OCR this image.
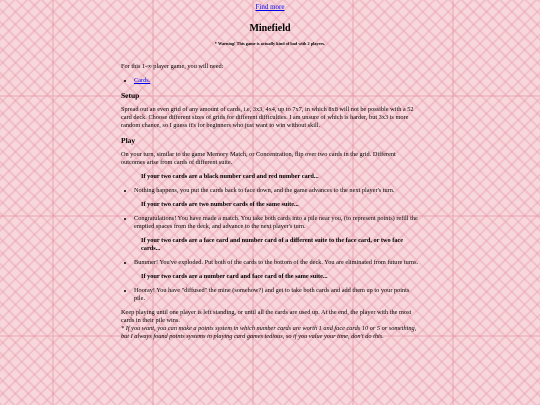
Find more
Minefield
* Warning! This game is actually kind of bad with 2 players.

For this 1-∞ player game, you will need:

• Cards.
Setup

Spread out an even grid of any amount of cards, i.e, 3x3, 4x4, up to 7x7, in which 8x8 will not be possible with a 52 card deck. Choose different sizes of grids for different difficulties. I am unsure of which is harder, but 3x3 is more random chance, so I guess it's for beginners who just want to win without skill.

Play

On your turn, similar to the game Memory Match, or Concentration, flip over two cards in the grid. Different outcomes arise from cards of different suite.

If your two cards are a black number card and red number card...
• Nothing happens, you put the cards back to face down, and the game advances to the next player's turn.
If your two cards are two number cards of the same suite...
• Congratulations! You have made a match. You take both cards into a pile near you, (to represent points) refill the emptied spaces from the deck, and advance to the next player's turn.
If your two cards are a face card and number card of a different suite to the face card, or two face cards...
• Bummer! You've exploded. Put both of the cards to the bottom of the deck. You are eliminated from future turns.
If your two cards are a number card and face card of the same suite...
• Hooray! You have "diffused" the mine (somehow?) and get to take both cards and add them up to your points pile.

Keep playing until one player is left standing, or until all the cards are used up. At the end, the player with the most cards in their pile wins.

* If you want, you can make a points system in which number cards are worth 1 and face cards 10 or 5 or something, but I always found points systems in playing card games tedious, so if you value your time, don't do this.
